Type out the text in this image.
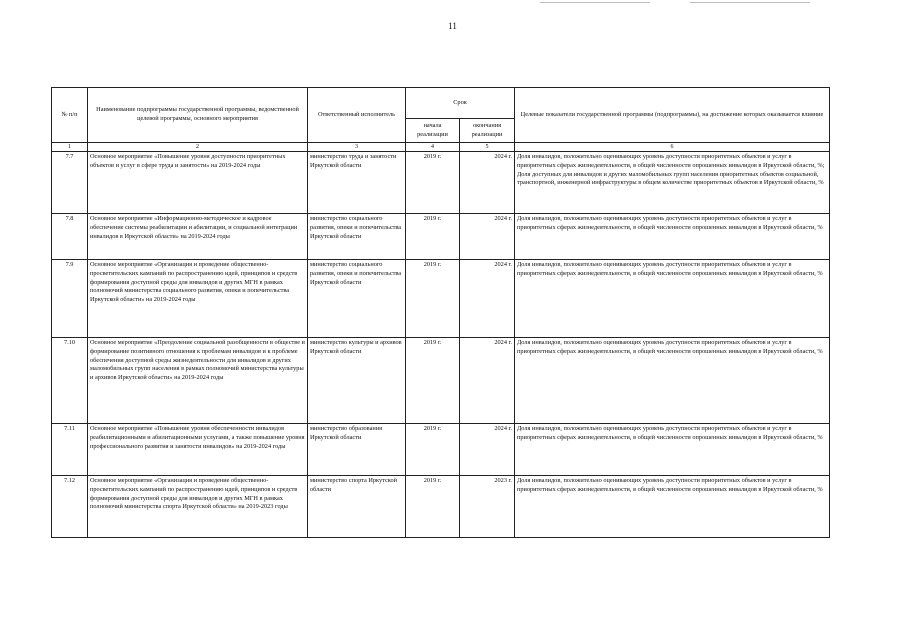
11
№ п/п	Наименование подпрограммы государственной программы, ведомственной целевой программы, основного мероприятия	Ответственный исполнитель	Срок		Целевые показатели государственной программы (подпрограммы), на достижение которых оказывается влияние
			начала реализации	окончания реализации	
1	2	3	4	5	6
7.7	Основное мероприятие «Повышение уровня доступности приоритетных объектов и услуг в сфере труда и занятости» на 2019-2024 годы	министерство труда и занятости Иркутской области	2019 г.	2024 г.	Доля инвалидов, положительно оценивающих уровень доступности приоритетных объектов и услуг в приоритетных сферах жизнедеятельности, в общей численности опрошенных инвалидов в Иркутской области, %;
Доля доступных для инвалидов и других маломобильных групп населения приоритетных объектов социальной, транспортной, инженерной инфраструктуры в общем количестве приоритетных объектов в Иркутской области, %

7.8	Основное мероприятие «Информационно-методическое и кадровое обеспечение системы реабилитации и абилитации, и социальной интеграции инвалидов в Иркутской области» на 2019-2024 годы	министерство социального развития, опеки и попечительства Иркутской области	2019 г.	2024 г.	Доля инвалидов, положительно оценивающих уровень доступности приоритетных объектов и услуг в приоритетных сферах жизнедеятельности, в общей численности опрошенных инвалидов в Иркутской области, %

7.9	Основное мероприятие «Организация и проведение общественно-просветительских кампаний по распространению идей, принципов и средств формирования доступной среды для инвалидов и других МГН в рамках полномочий министерства социального развития, опеки и попечительства Иркутской области» на 2019-2024 годы	министерство социального развития, опеки и попечительства Иркутской области	2019 г.	2024 г.	Доля инвалидов, положительно оценивающих уровень доступности приоритетных объектов и услуг в приоритетных сферах жизнедеятельности, в общей численности опрошенных инвалидов в Иркутской области, %

7.10	Основное мероприятие «Преодоление социальной разобщенности в обществе и формирование позитивного отношения к проблемам инвалидов и к проблеме обеспечения доступной среды жизнедеятельности для инвалидов и других маломобильных групп населения в рамках полномочий министерства культуры и архивов Иркутской области» на 2019-2024 годы	министерство культуры и архивов Иркутской области	2019 г.	2024 г.	Доля инвалидов, положительно оценивающих уровень доступности приоритетных объектов и услуг в приоритетных сферах жизнедеятельности, в общей численности опрошенных инвалидов в Иркутской области, %

7.11	Основное мероприятие «Повышение уровня обеспеченности инвалидов реабилитационными и абилитационными услугами, а также повышение уровня профессионального развития и занятости инвалидов» на 2019-2024 годы	министерство образования Иркутской области	2019 г.	2024 г.	Доля инвалидов, положительно оценивающих уровень доступности приоритетных объектов и услуг в приоритетных сферах жизнедеятельности, в общей численности опрошенных инвалидов в Иркутской области, %

7.12	Основное мероприятие «Организация и проведение общественно-просветительских кампаний по распространению идей, принципов и средств формирования доступной среды для инвалидов и других МГН в рамках полномочий министерства спорта Иркутской области» на 2019-2023 годы	министерство спорта Иркутской области	2019 г.	2023 г.	Доля инвалидов, положительно оценивающих уровень доступности приоритетных объектов и услуг в приоритетных сферах жизнедеятельности, в общей численности опрошенных инвалидов в Иркутской области, %
